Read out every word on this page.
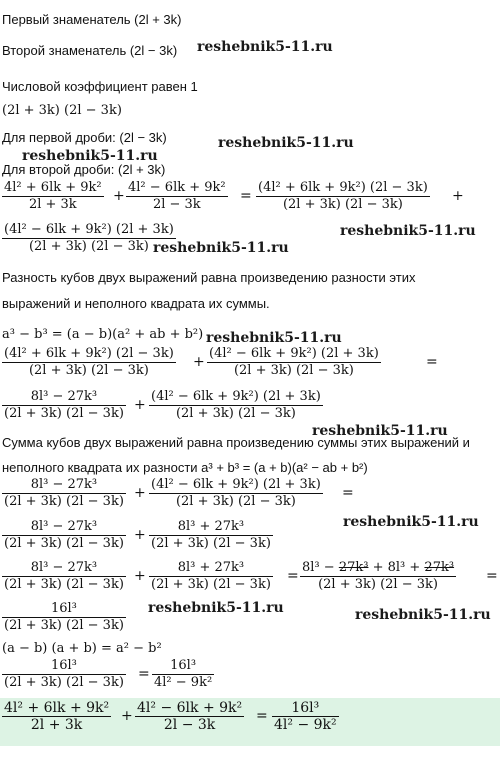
Первый знаменатель (2l + 3k)
Второй знаменатель (2l − 3k) reshebnik5-11.ru
Числовой коэффициент равен 1
(2l + 3k) (2l − 3k)
Для первой дроби: (2l − 3k)	reshebnik5-11.ru
reshebnik5-11.ru
Для второй дроби: (2l + 3k)
$\frac{\text{4l² + 6lk + 9k²}}{2l + 3k} + \frac{\text{4l² − 6lk + 9k²}}{2l - 3k} = \frac{\text{(4l² + 6lk + 9k²) (2l − 3k)}}{(2l + 3k) (2l - 3k)}$ +
$\frac{\text{(4l² − 6lk + 9k²) (2l + 3k)}}{(2l + 3k) (2l - 3k)}$	reshebnik5-11.ru
reshebnik5-11.ru
Разность кубов двух выражений равна произведению разности этих
выражений и неполного квадрата их суммы.
a³ − b³ = (a − b)(a² + ab + b²) reshebnik5-11.ru
$\frac{\text{(4l² + 6lk + 9k²) (2l − 3k)}}{(2l + 3k) (2l - 3k)} + \frac{\text{(4l² − 6lk + 9k²) (2l + 3k)}}{(2l + 3k) (2l - 3k)}$	=
$\frac{\text{8l³ − 27k³}}{(2l + 3k) (2l - 3k)} + \frac{\text{(4l² − 6lk + 9k²) (2l + 3k)}}{(2l + 3k) (2l - 3k)}$
reshebnik5-11.ru
Сумма кубов двух выражений равна произведению суммы этих выражений и
неполного квадрата их разности a³ + b³ = (a + b)(a² − ab + b²)
$\frac{\text{8l³ − 27k³}}{(2l + 3k) (2l - 3k)} + \frac{\text{(4l² − 6lk + 9k²) (2l + 3k)}}{(2l + 3k) (2l - 3k)}$ =
reshebnik5-11.ru
$\frac{\text{8l³ − 27k³}}{(2l + 3k) (2l - 3k)} + \frac{\text{8l³ + 27k³}}{(2l + 3k) (2l - 3k)}$
$\frac{\text{8l³ − 27k³}}{(2l + 3k) (2l - 3k)} + \frac{\text{8l³ + 27k³}}{(2l + 3k) (2l - 3k)} = \frac{\text{8l³ − 27k³ + 8l³ + 27k³}}{(2l + 3k) (2l - 3k)}$ =
$\frac{\text{16l³}}{(2l + 3k) (2l - 3k)}$ reshebnik5-11.ru	reshebnik5-11.ru
(a − b) (a + b) = a² − b²
$\frac{\text{16l³}}{(2l + 3k) (2l - 3k)} = \frac{\text{16l³}}{\text{4l² − 9k²}}$
$\frac{\text{4l² + 6lk + 9k²}}{2l + 3k} + \frac{\text{4l² − 6lk + 9k²}}{2l - 3k} = \frac{\text{16l³}}{\text{4l² − 9k²}}$
